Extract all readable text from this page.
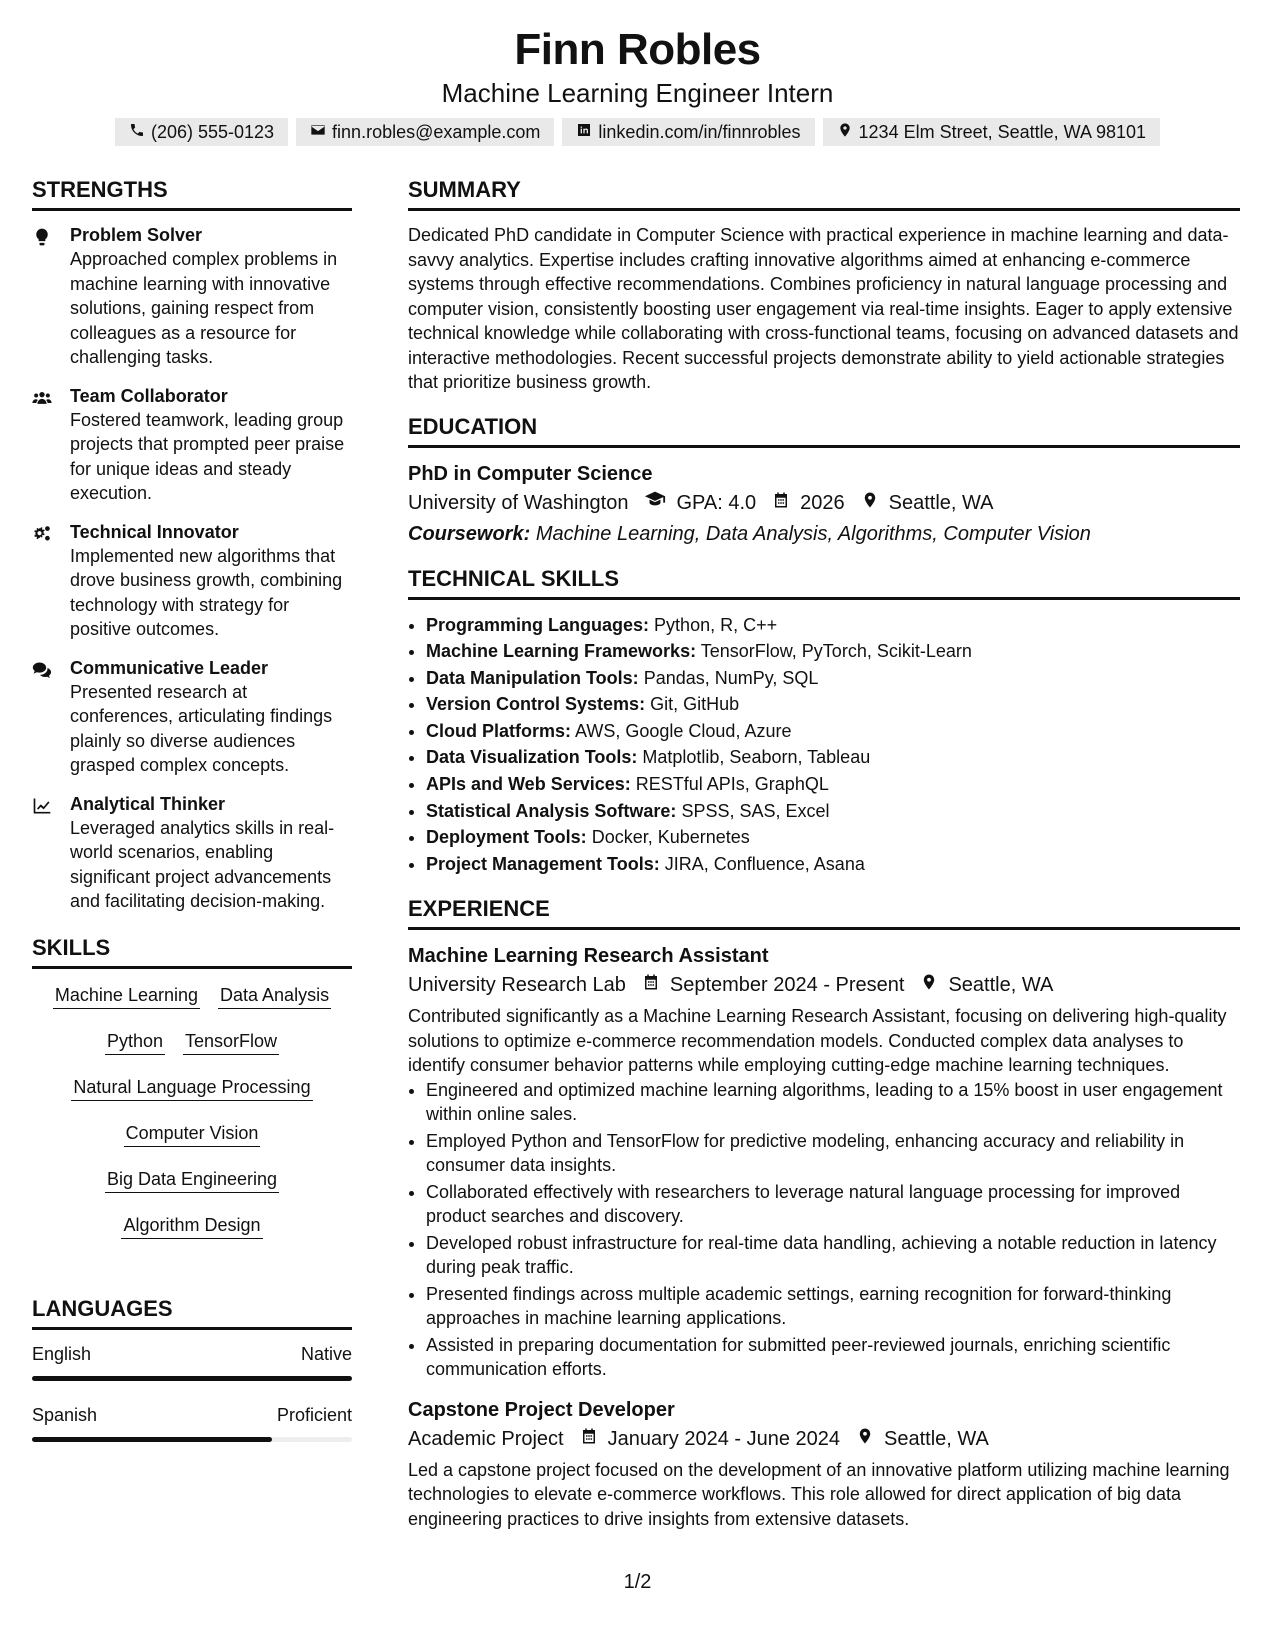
Finn Robles
Machine Learning Engineer Intern
(206) 555-0123	finn.robles@example.com	linkedin.com/in/finnrobles	1234 Elm Street, Seattle, WA 98101
STRENGTHS
Problem Solver
Approached complex problems in machine learning with innovative solutions, gaining respect from colleagues as a resource for challenging tasks.
Team Collaborator
Fostered teamwork, leading group projects that prompted peer praise for unique ideas and steady execution.
Technical Innovator
Implemented new algorithms that drove business growth, combining technology with strategy for positive outcomes.
Communicative Leader
Presented research at conferences, articulating findings plainly so diverse audiences grasped complex concepts.
Analytical Thinker
Leveraged analytics skills in real-world scenarios, enabling significant project advancements and facilitating decision-making.
SKILLS
Machine Learning Data Analysis
Python TensorFlow
Natural Language Processing
Computer Vision
Big Data Engineering
Algorithm Design
LANGUAGES
English	Native
Spanish	Proficient
SUMMARY
Dedicated PhD candidate in Computer Science with practical experience in machine learning and data-savvy analytics. Expertise includes crafting innovative algorithms aimed at enhancing e-commerce systems through effective recommendations. Combines proficiency in natural language processing and computer vision, consistently boosting user engagement via real-time insights. Eager to apply extensive technical knowledge while collaborating with cross-functional teams, focusing on advanced datasets and interactive methodologies. Recent successful projects demonstrate ability to yield actionable strategies that prioritize business growth.
EDUCATION
PhD in Computer Science
University of Washington GPA: 4.0 2026 Seattle, WA
Coursework: Machine Learning, Data Analysis, Algorithms, Computer Vision
TECHNICAL SKILLS
• Programming Languages: Python, R, C++
• Machine Learning Frameworks: TensorFlow, PyTorch, Scikit-Learn
• Data Manipulation Tools: Pandas, NumPy, SQL
• Version Control Systems: Git, GitHub
• Cloud Platforms: AWS, Google Cloud, Azure
• Data Visualization Tools: Matplotlib, Seaborn, Tableau
• APIs and Web Services: RESTful APIs, GraphQL
• Statistical Analysis Software: SPSS, SAS, Excel
• Deployment Tools: Docker, Kubernetes
• Project Management Tools: JIRA, Confluence, Asana
EXPERIENCE
Machine Learning Research Assistant
University Research Lab September 2024 - Present Seattle, WA
Contributed significantly as a Machine Learning Research Assistant, focusing on delivering high-quality solutions to optimize e-commerce recommendation models. Conducted complex data analyses to identify consumer behavior patterns while employing cutting-edge machine learning techniques.
• Engineered and optimized machine learning algorithms, leading to a 15% boost in user engagement within online sales.
• Employed Python and TensorFlow for predictive modeling, enhancing accuracy and reliability in consumer data insights.
• Collaborated effectively with researchers to leverage natural language processing for improved product searches and discovery.
• Developed robust infrastructure for real-time data handling, achieving a notable reduction in latency during peak traffic.
• Presented findings across multiple academic settings, earning recognition for forward-thinking approaches in machine learning applications.
• Assisted in preparing documentation for submitted peer-reviewed journals, enriching scientific communication efforts.
Capstone Project Developer
Academic Project January 2024 - June 2024 Seattle, WA
Led a capstone project focused on the development of an innovative platform utilizing machine learning technologies to elevate e-commerce workflows. This role allowed for direct application of big data engineering practices to drive insights from extensive datasets.
1/2
